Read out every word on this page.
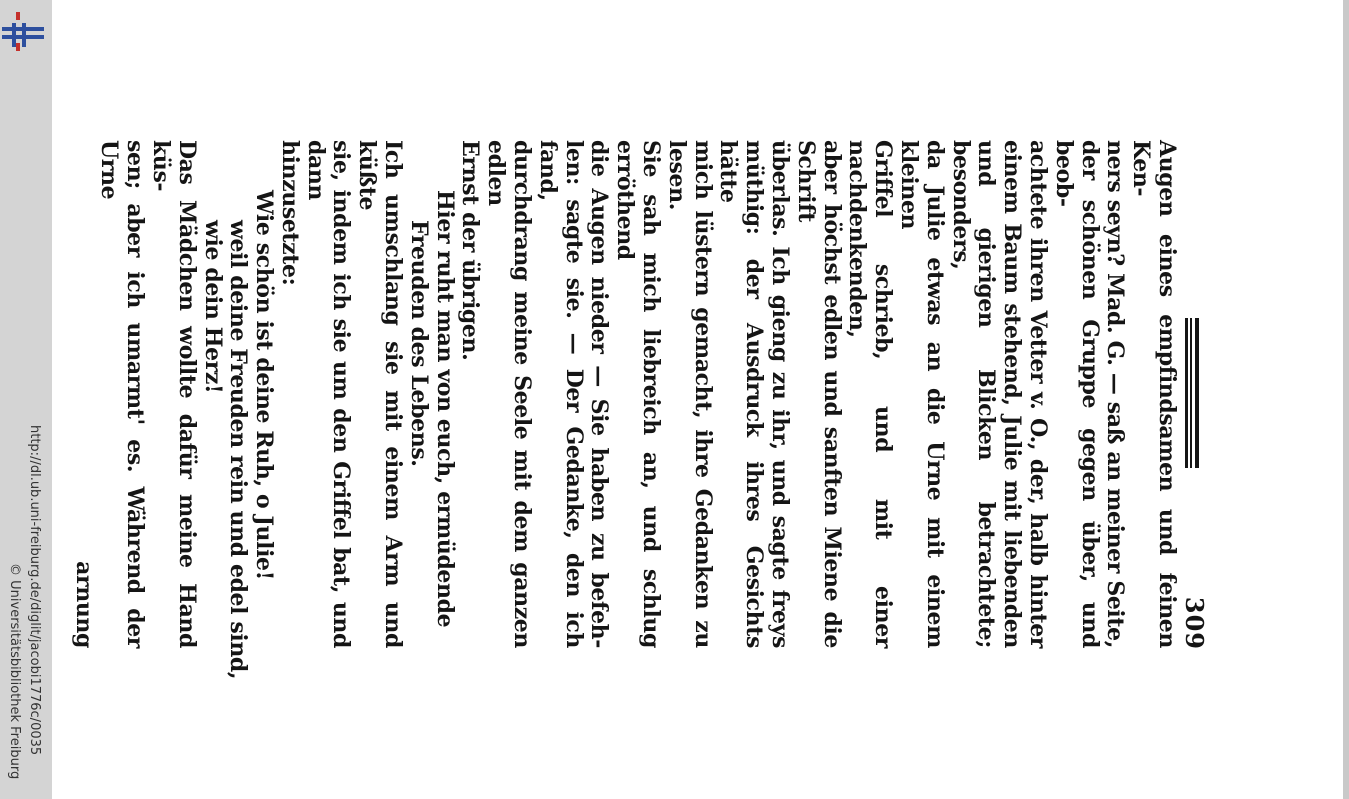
http://dl.ub.uni-freiburg.de/diglit/jacobi1776c/0035
© Universitätsbibliothek Freiburg	309
Augen eines empfindsamen und feinen Ken-
ners seyn? Mad. G. — saß an meiner Seite,
der schönen Gruppe gegen über, und beob-
achtete ihren Vetter v. O., der, halb hinter
einem Baum stehend, Julie mit liebenden
und gierigen Blicken betrachtete; besonders,
da Julie etwas an die Urne mit einem kleinen
Griffel schrieb, und mit einer nachdenkenden,
aber höchst edlen und sanften Miene die Schrift
überlas. Ich gieng zu ihr, und sagte freys
müthig: der Ausdruck ihres Gesichts hätte
mich lüstern gemacht, ihre Gedanken zu lesen.
Sie sah mich liebreich an, und schlug erröthend
die Augen nieder — Sie haben zu befeh-
len: sagte sie. — Der Gedanke, den ich fand,
durchdrang meine Seele mit dem ganzen edlen
Ernst der übrigen.
Hier ruht man von euch, ermüdende
Freuden des Lebens.
Ich umschlang sie mit einem Arm und küßte
sie, indem ich sie um den Griffel bat, und dann
hinzusetzte:
Wie schön ist deine Ruh, o Julie!
weil deine Freuden rein und edel sind,
wie dein Herz!
Das Mädchen wollte dafür meine Hand küs-
sen; aber ich umarmt' es. Während der Urne
arnung
